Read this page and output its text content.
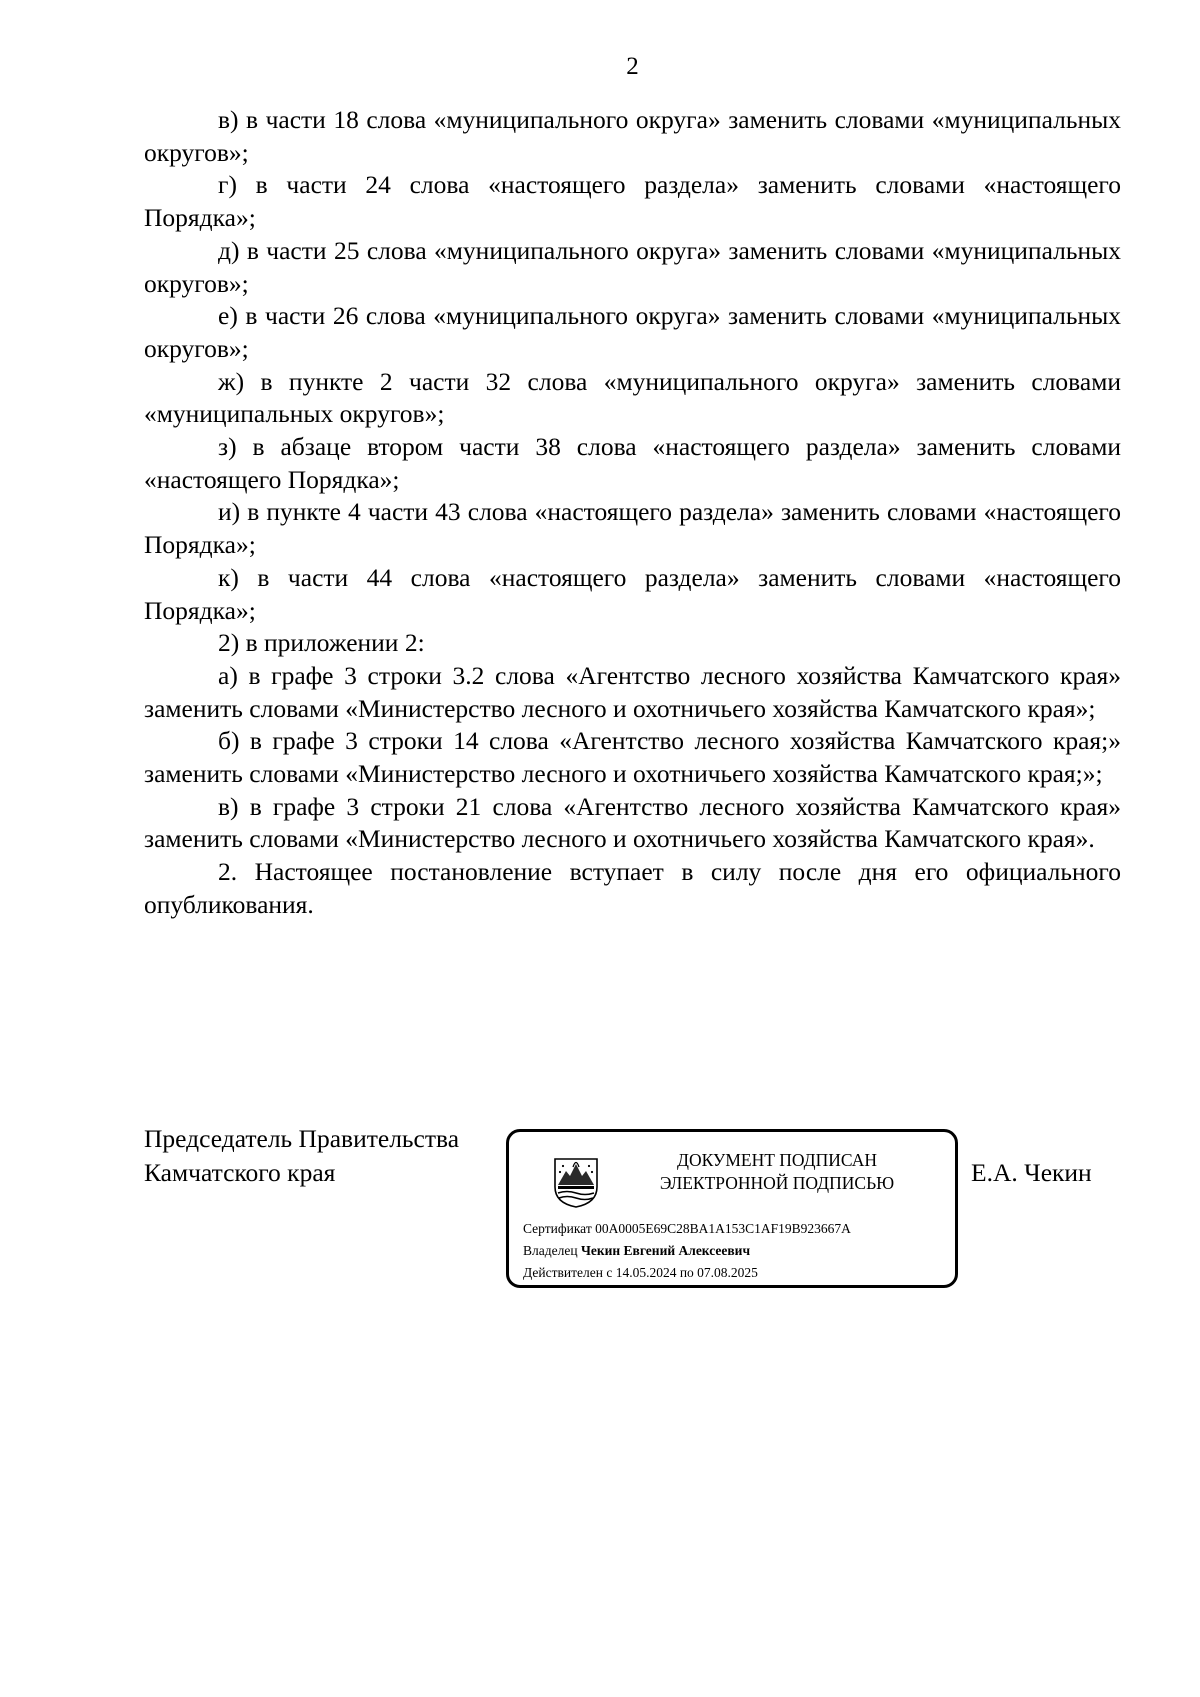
2

в) в части 18 слова «муниципального округа» заменить словами «муниципальных округов»;

г) в части 24 слова «настоящего раздела» заменить словами «настоящего Порядка»;

д) в части 25 слова «муниципального округа» заменить словами «муниципальных округов»;

е) в части 26 слова «муниципального округа» заменить словами «муниципальных округов»;

ж) в пункте 2 части 32 слова «муниципального округа» заменить словами «муниципальных округов»;

з) в абзаце втором части 38 слова «настоящего раздела» заменить словами «настоящего Порядка»;

и) в пункте 4 части 43 слова «настоящего раздела» заменить словами «настоящего Порядка»;

к) в части 44 слова «настоящего раздела» заменить словами «настоящего Порядка»;

2) в приложении 2:

а) в графе 3 строки 3.2 слова «Агентство лесного хозяйства Камчатского края» заменить словами «Министерство лесного и охотничьего хозяйства Камчатского края»;

б) в графе 3 строки 14 слова «Агентство лесного хозяйства Камчатского края;» заменить словами «Министерство лесного и охотничьего хозяйства Камчатского края;»;

в) в графе 3 строки 21 слова «Агентство лесного хозяйства Камчатского края» заменить словами «Министерство лесного и охотничьего хозяйства Камчатского края».

2. Настоящее постановление вступает в силу после дня его официального опубликования.

Председатель Правительства
Камчатского края	Е.А. Чекин
ДОКУМЕНТ ПОДПИСАН
ЭЛЕКТРОННОЙ ПОДПИСЬЮ
Сертификат 00A0005E69C28BA1A153C1AF19B923667A
Владелец Чекин Евгений Алексеевич
Действителен с 14.05.2024 по 07.08.2025
